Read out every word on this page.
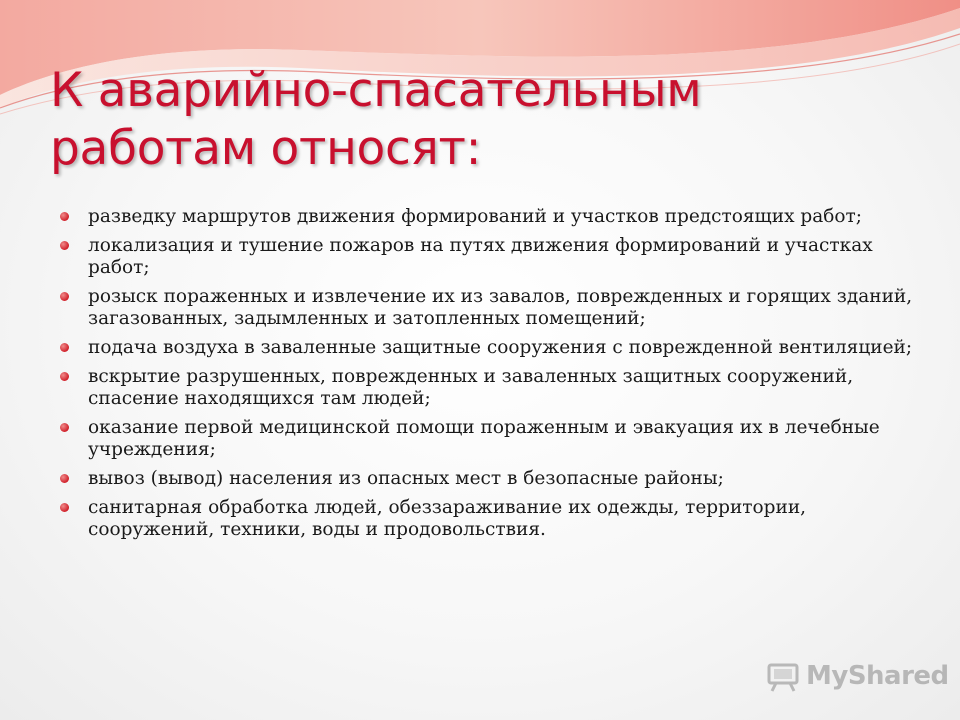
К аварийно-спасательным работам относят:
разведку маршрутов движения формирований и участков предстоящих работ;
локализация и тушение пожаров на путях движения формирований и участках работ;
розыск пораженных и извлечение их из завалов, поврежденных и горящих зданий, загазованных, задымленных и затопленных помещений;
подача воздуха в заваленные защитные сооружения с поврежденной вентиляцией;
вскрытие разрушенных, поврежденных и заваленных защитных сооружений, спасение находящихся там людей;
оказание первой медицинской помощи пораженным и эвакуация их в лечебные учреждения;
вывоз (вывод) населения из опасных мест в безопасные районы;
санитарная обработка людей, обеззараживание их одежды, территории, сооружений, техники, воды и продовольствия.
MyShared
